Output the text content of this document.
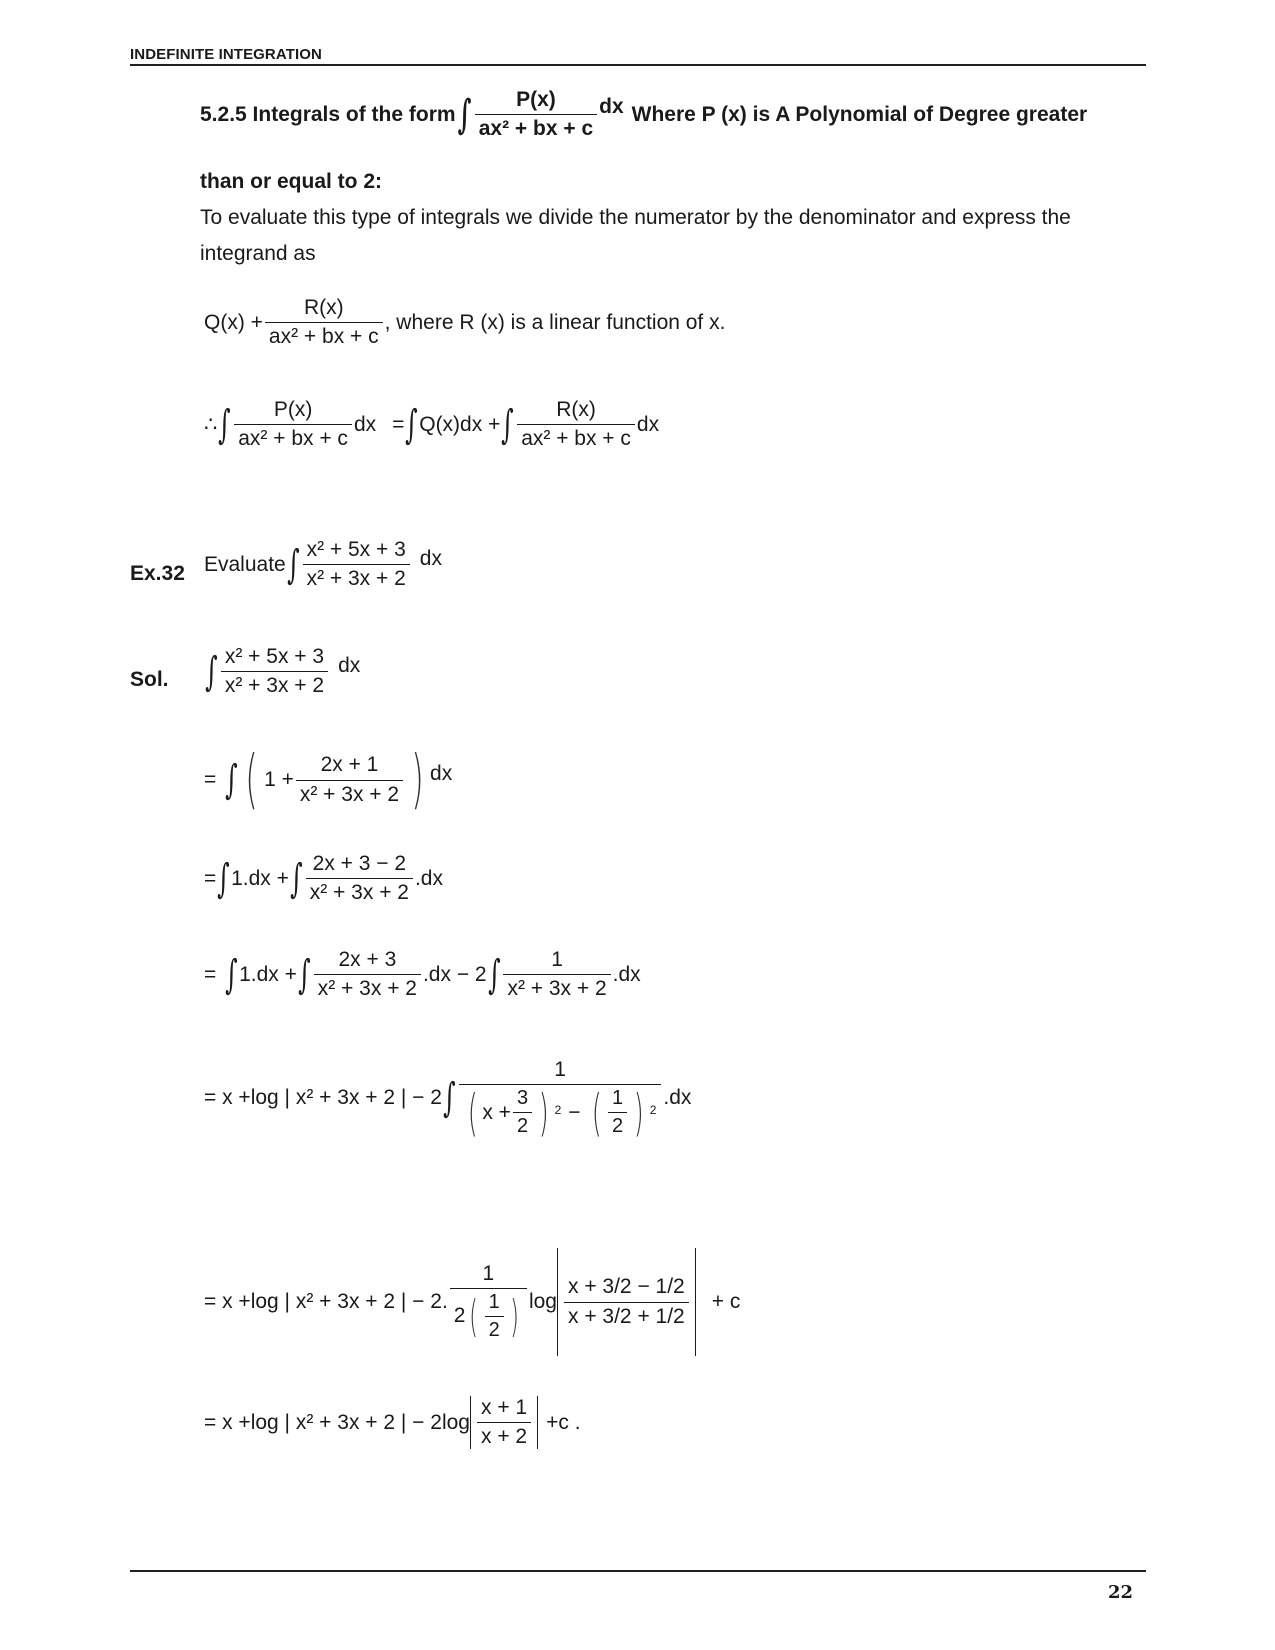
INDEFINITE INTEGRATION
5.2.5 Integrals of the form ∫ $\frac{P(x)}{\text{ax² + bx + c}}$ dx Where P (x) is A Polynomial of Degree greater
than or equal to 2:
To evaluate this type of integrals we divide the numerator by the denominator and express the
integrand as
$Q(x) + \frac{R(x)}{\text{ax² + bx + c}}$ , where R (x) is a linear function of x.
∴ ∫ $\frac{P(x)}{\text{ax² + bx + c}}$ dx = ∫ Q(x)dx + ∫ $\frac{R(x)}{\text{ax² + bx + c}}$ dx
Ex.32 Evaluate ∫ $\frac{\text{x² + 5x + 3}}{\text{x² + 3x + 2}}$ dx
Sol. ∫ $\frac{\text{x² + 5x + 3}}{\text{x² + 3x + 2}}$ dx
= ∫ ( $1 + \frac{2x + 1}{\text{x² + 3x + 2}}$ ) dx
= ∫ 1.dx + ∫ $\frac{2x + 3 - 2}{\text{x² + 3x + 2}} .dx$
= ∫ 1.dx + ∫ $\frac{2x + 3}{\text{x² + 3x + 2}} .dx - 2$ ∫ $\frac{1}{\text{x² + 3x + 2}} .dx$
= x +log | x² + 3x + 2 | − 2 ∫
1
( $x + \frac{3}{2}$ ) $^2$ − ( $\frac{1}{2}$ ) $^2$
.dx
= x +log | x² + 3x + 2 | − 2. $\frac{1}{2 ( \frac{1}{2} )}$ $\log \frac{x + 3/2 - 1/2}{x + 3/2 + 1/2} + c$
= x +log | x² + 3x + 2 | − $2\log \frac{x + 1}{x + 2} +c$ .
22
